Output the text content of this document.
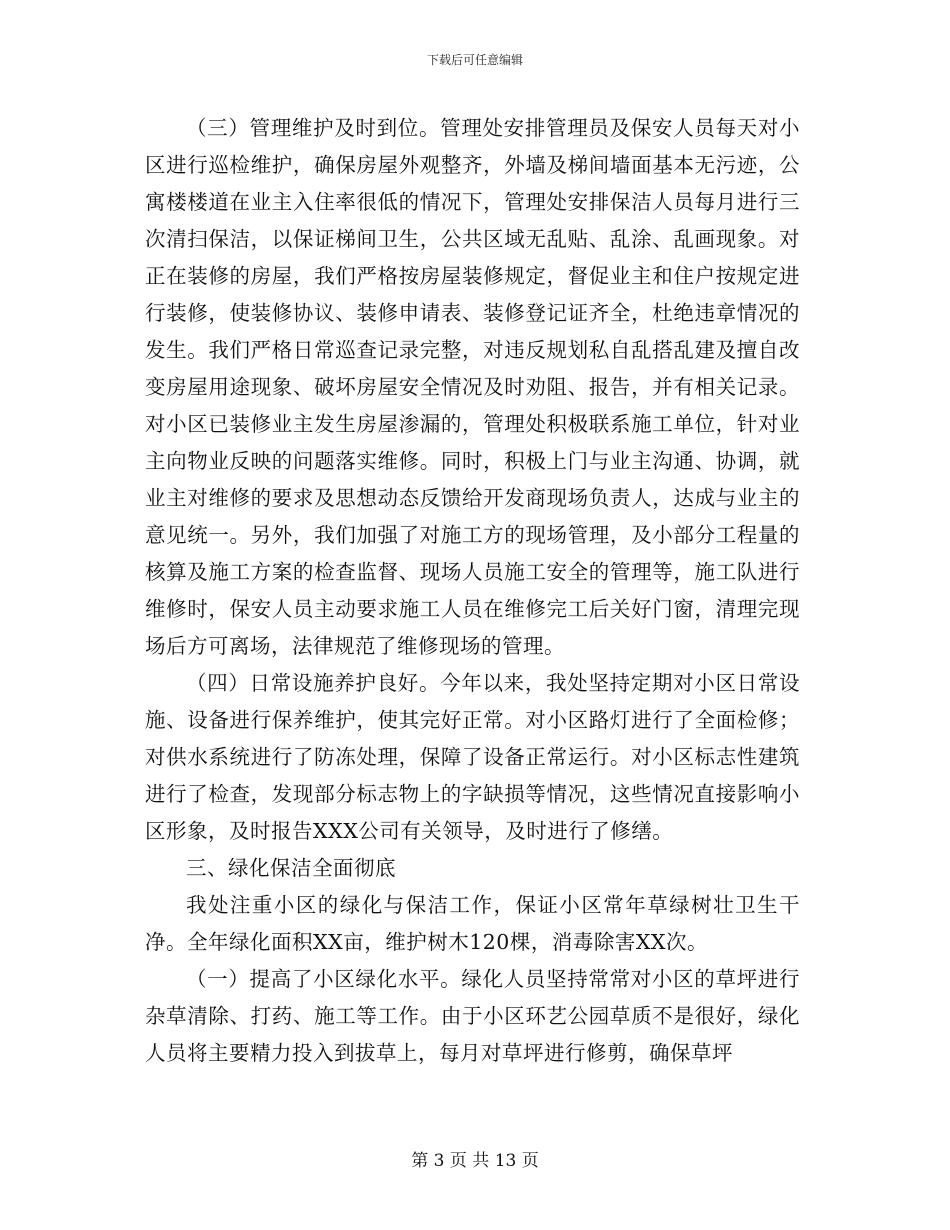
下载后可任意编辑

（三）管理维护及时到位。管理处安排管理员及保安人员每天对小区进行巡检维护，确保房屋外观整齐，外墙及梯间墙面基本无污迹，公寓楼楼道在业主入住率很低的情况下，管理处安排保洁人员每月进行三次清扫保洁，以保证梯间卫生，公共区域无乱贴、乱涂、乱画现象。对正在装修的房屋，我们严格按房屋装修规定，督促业主和住户按规定进行装修，使装修协议、装修申请表、装修登记证齐全，杜绝违章情况的发生。我们严格日常巡查记录完整，对违反规划私自乱搭乱建及擅自改变房屋用途现象、破坏房屋安全情况及时劝阻、报告，并有相关记录。对小区已装修业主发生房屋渗漏的，管理处积极联系施工单位，针对业主向物业反映的问题落实维修。同时，积极上门与业主沟通、协调，就业主对维修的要求及思想动态反馈给开发商现场负责人，达成与业主的意见统一。另外，我们加强了对施工方的现场管理，及小部分工程量的核算及施工方案的检查监督、现场人员施工安全的管理等，施工队进行维修时，保安人员主动要求施工人员在维修完工后关好门窗，清理完现场后方可离场，法律规范了维修现场的管理。

（四）日常设施养护良好。今年以来，我处坚持定期对小区日常设施、设备进行保养维护，使其完好正常。对小区路灯进行了全面检修；对供水系统进行了防冻处理，保障了设备正常运行。对小区标志性建筑进行了检查，发现部分标志物上的字缺损等情况，这些情况直接影响小区形象，及时报告XXX公司有关领导，及时进行了修缮。

三、绿化保洁全面彻底

我处注重小区的绿化与保洁工作，保证小区常年草绿树壮卫生干净。全年绿化面积XX亩，维护树木120棵，消毒除害XX次。

（一）提高了小区绿化水平。绿化人员坚持常常对小区的草坪进行杂草清除、打药、施工等工作。由于小区环艺公园草质不是很好，绿化人员将主要精力投入到拔草上，每月对草坪进行修剪，确保草坪

第 3 页 共 13 页
